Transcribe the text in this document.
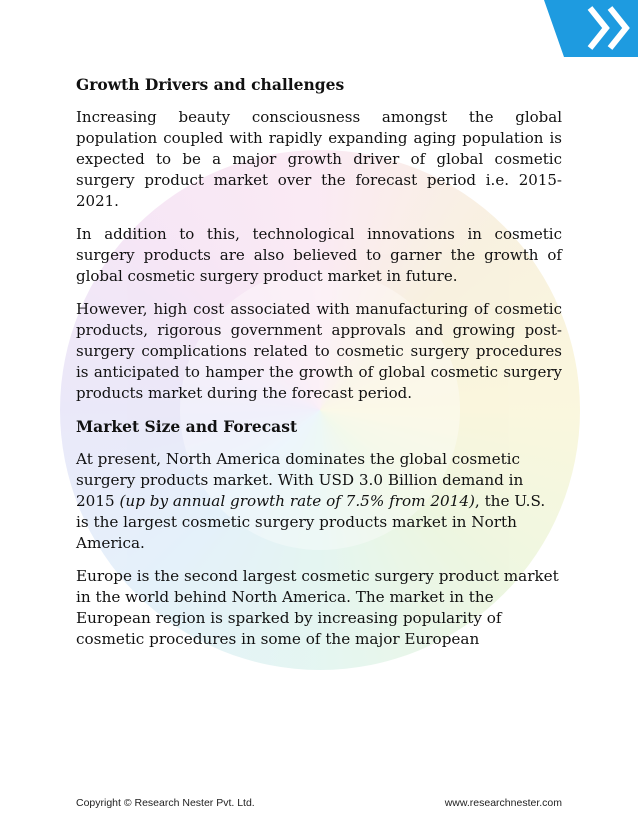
Growth Drivers and challenges

Increasing beauty consciousness amongst the global population coupled with rapidly expanding aging population is expected to be a major growth driver of global cosmetic surgery product market over the forecast period i.e. 2015-2021.

In addition to this, technological innovations in cosmetic surgery products are also believed to garner the growth of global cosmetic surgery product market in future.

However, high cost associated with manufacturing of cosmetic products, rigorous government approvals and growing post-surgery complications related to cosmetic surgery procedures is anticipated to hamper the growth of global cosmetic surgery products market during the forecast period.

Market Size and Forecast

At present, North America dominates the global cosmetic surgery products market. With USD 3.0 Billion demand in 2015 (up by annual growth rate of 7.5% from 2014), the U.S. is the largest cosmetic surgery products market in North America.

Europe is the second largest cosmetic surgery product market in the world behind North America. The market in the European region is sparked by increasing popularity of cosmetic procedures in some of the major European

Copyright © Research Nester Pvt. Ltd.	www.researchnester.com
